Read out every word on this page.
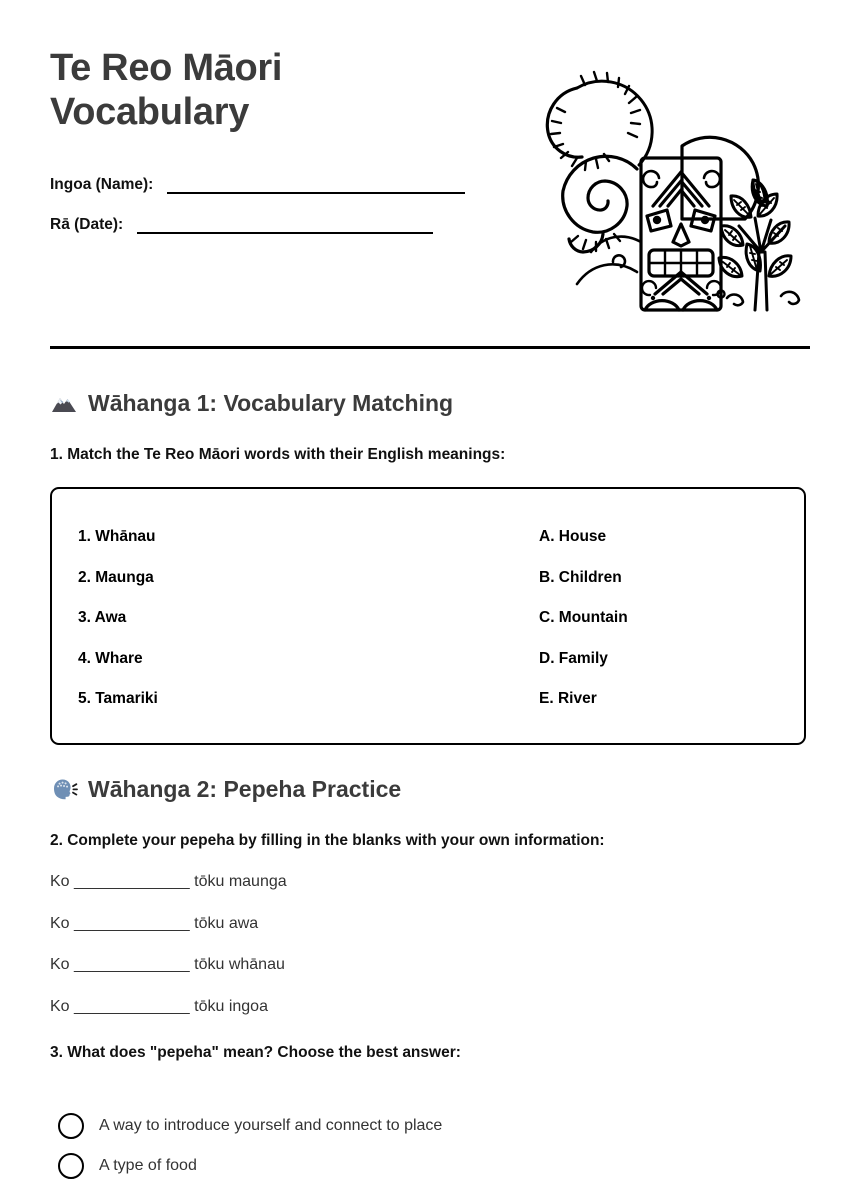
Te Reo Māori Vocabulary
Ingoa (Name):
Rā (Date):
Wāhanga 1: Vocabulary Matching
1. Match the Te Reo Māori words with their English meanings:
1. Whānau	A. House
2. Maunga	B. Children
3. Awa	C. Mountain
4. Whare	D. Family
5. Tamariki	E. River
Wāhanga 2: Pepeha Practice
2. Complete your pepeha by filling in the blanks with your own information:
Ko _____________ tōku maunga
Ko _____________ tōku awa
Ko _____________ tōku whānau
Ko _____________ tōku ingoa
3. What does "pepeha" mean? Choose the best answer:
A way to introduce yourself and connect to place
A type of food
